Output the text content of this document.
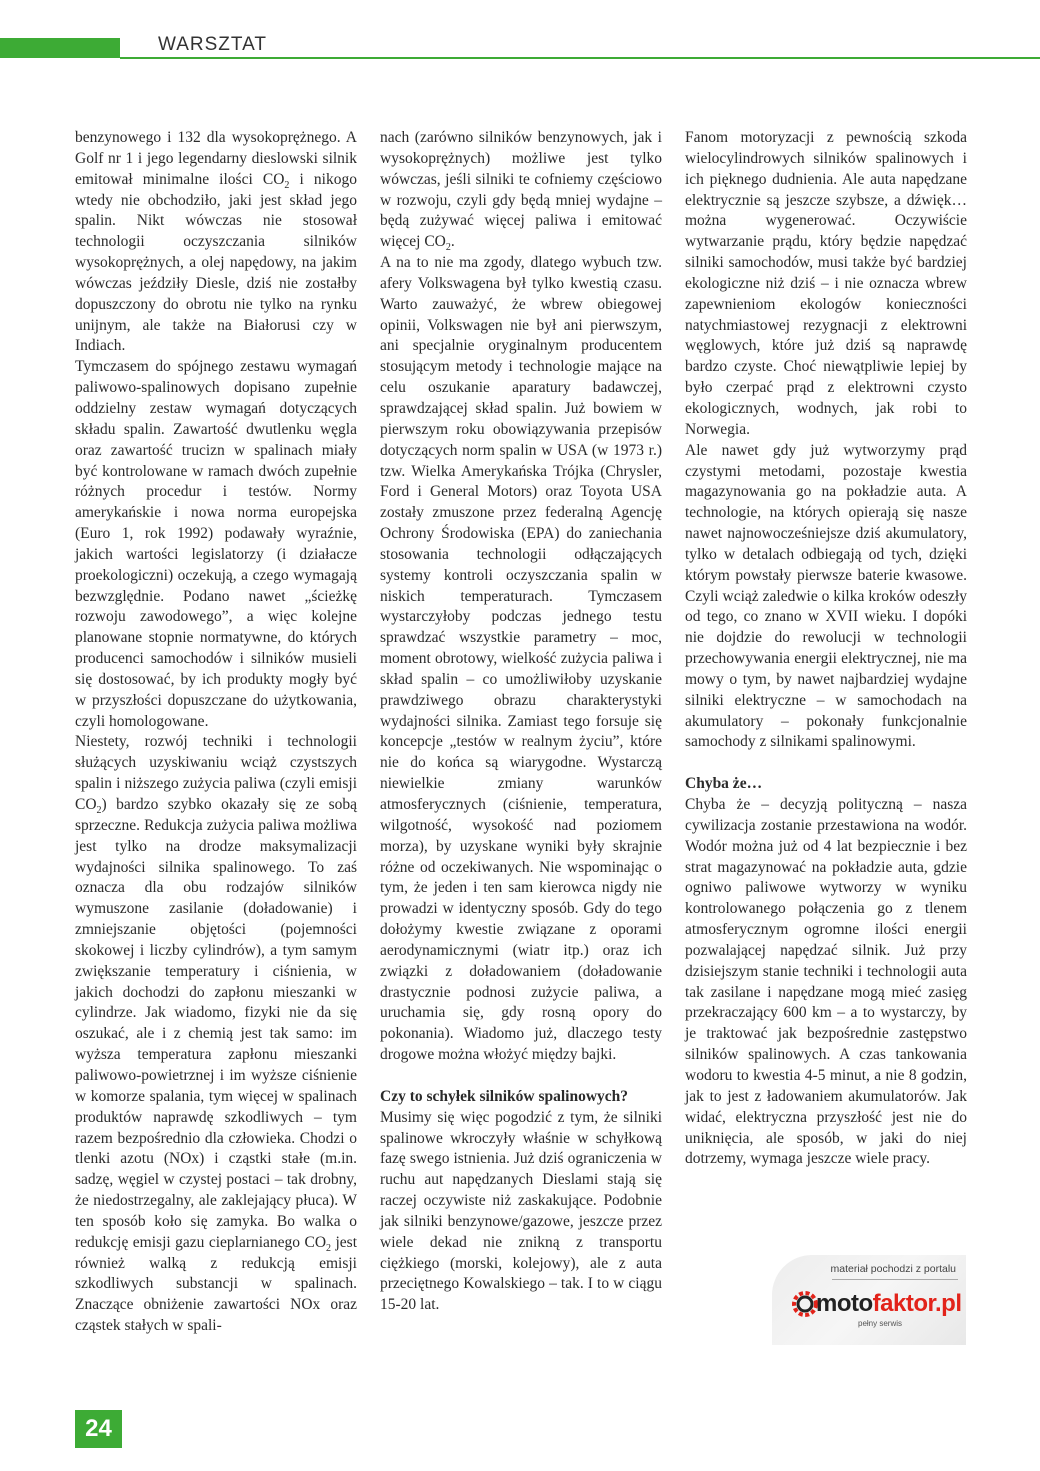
WARSZTAT

benzynowego i 132 dla wysokoprężnego. A Golf nr 1 i jego legendarny dieslowski silnik emitował minimalne ilości $CO_2$ i nikogo wtedy nie obchodziło, jaki jest skład jego spalin. Nikt wówczas nie stosował technologii oczyszczania silników wysokoprężnych, a olej napędowy, na jakim wówczas jeździły Diesle, dziś nie zostałby dopuszczony do obrotu nie tylko na rynku unijnym, ale także na Białorusi czy w Indiach.

Tymczasem do spójnego zestawu wymagań paliwowo-spalinowych dopisano zupełnie oddzielny zestaw wymagań dotyczących składu spalin. Zawartość dwutlenku węgla oraz zawartość trucizn w spalinach miały być kontrolowane w ramach dwóch zupełnie różnych procedur i testów. Normy amerykańskie i nowa norma europejska (Euro 1, rok 1992) podawały wyraźnie, jakich wartości legislatorzy (i działacze proekologiczni) oczekują, a czego wymagają bezwzględnie. Podano nawet „ścieżkę rozwoju zawodowego”, a więc kolejne planowane stopnie normatywne, do których producenci samochodów i silników musieli się dostosować, by ich produkty mogły być w przyszłości dopuszczane do użytkowania, czyli homologowane.

Niestety, rozwój techniki i technologii służących uzyskiwaniu wciąż czystszych spalin i niższego zużycia paliwa (czyli emisji $CO_2$) bardzo szybko okazały się ze sobą sprzeczne. Redukcja zużycia paliwa możliwa jest tylko na drodze maksymalizacji wydajności silnika spalinowego. To zaś oznacza dla obu rodzajów silników wymuszone zasilanie (doładowanie) i zmniejszanie objętości (pojemności skokowej i liczby cylindrów), a tym samym zwiększanie temperatury i ciśnienia, w jakich dochodzi do zapłonu mieszanki w cylindrze. Jak wiadomo, fizyki nie da się oszukać, ale i z chemią jest tak samo: im wyższa temperatura zapłonu mieszanki paliwowo-powietrznej i im wyższe ciśnienie w komorze spalania, tym więcej w spalinach produktów naprawdę szkodliwych – tym razem bezpośrednio dla człowieka. Chodzi o tlenki azotu (NOx) i cząstki stałe (m.in. sadzę, węgiel w czystej postaci – tak drobny, że niedostrzegalny, ale zaklejający płuca). W ten sposób koło się zamyka. Bo walka o redukcję emisji gazu cieplarnianego $CO_2$ jest również walką z redukcją emisji szkodliwych substancji w spalinach. Znaczące obniżenie zawartości NOx oraz cząstek stałych w spali-

nach (zarówno silników benzynowych, jak i wysokoprężnych) możliwe jest tylko wówczas, jeśli silniki te cofniemy częściowo w rozwoju, czyli gdy będą mniej wydajne – będą zużywać więcej paliwa i emitować więcej $CO_2$.

A na to nie ma zgody, dlatego wybuch tzw. afery Volkswagena był tylko kwestią czasu. Warto zauważyć, że wbrew obiegowej opinii, Volkswagen nie był ani pierwszym, ani specjalnie oryginalnym producentem stosującym metody i technologie mające na celu oszukanie aparatury badawczej, sprawdzającej skład spalin. Już bowiem w pierwszym roku obowiązywania przepisów dotyczących norm spalin w USA (w 1973 r.) tzw. Wielka Amerykańska Trójka (Chrysler, Ford i General Motors) oraz Toyota USA zostały zmuszone przez federalną Agencję Ochrony Środowiska (EPA) do zaniechania stosowania technologii odłączających systemy kontroli oczyszczania spalin w niskich temperaturach. Tymczasem wystarczyłoby podczas jednego testu sprawdzać wszystkie parametry – moc, moment obrotowy, wielkość zużycia paliwa i skład spalin – co umożliwiłoby uzyskanie prawdziwego obrazu charakterystyki wydajności silnika. Zamiast tego forsuje się koncepcje „testów w realnym życiu”, które nie do końca są wiarygodne. Wystarczą niewielkie zmiany warunków atmosferycznych (ciśnienie, temperatura, wilgotność, wysokość nad poziomem morza), by uzyskane wyniki były skrajnie różne od oczekiwanych. Nie wspominając o tym, że jeden i ten sam kierowca nigdy nie prowadzi w identyczny sposób. Gdy do tego dołożymy kwestie związane z oporami aerodynamicznymi (wiatr itp.) oraz ich związki z doładowaniem (doładowanie drastycznie podnosi zużycie paliwa, a uruchamia się, gdy rosną opory do pokonania). Wiadomo już, dlaczego testy drogowe można włożyć między bajki.

Czy to schyłek silników spalinowych?

Musimy się więc pogodzić z tym, że silniki spalinowe wkroczyły właśnie w schyłkową fazę swego istnienia. Już dziś ograniczenia w ruchu aut napędzanych Dieslami stają się raczej oczywiste niż zaskakujące. Podobnie jak silniki benzynowe/gazowe, jeszcze przez wiele dekad nie znikną z transportu ciężkiego (morski, kolejowy), ale z auta przeciętnego Kowalskiego – tak. I to w ciągu 15-20 lat.

Fanom motoryzacji z pewnością szkoda wielocylindrowych silników spalinowych i ich pięknego dudnienia. Ale auta napędzane elektrycznie są jeszcze szybsze, a dźwięk… można wygenerować. Oczywiście wytwarzanie prądu, który będzie napędzać silniki samochodów, musi także być bardziej ekologiczne niż dziś – i nie oznacza wbrew zapewnieniom ekologów konieczności natychmiastowej rezygnacji z elektrowni węglowych, które już dziś są naprawdę bardzo czyste. Choć niewątpliwie lepiej by było czerpać prąd z elektrowni czysto ekologicznych, wodnych, jak robi to Norwegia.

Ale nawet gdy już wytworzymy prąd czystymi metodami, pozostaje kwestia magazynowania go na pokładzie auta. A technologie, na których opierają się nasze nawet najnowocześniejsze dziś akumulatory, tylko w detalach odbiegają od tych, dzięki którym powstały pierwsze baterie kwasowe. Czyli wciąż zaledwie o kilka kroków odeszły od tego, co znano w XVII wieku. I dopóki nie dojdzie do rewolucji w technologii przechowywania energii elektrycznej, nie ma mowy o tym, by nawet najbardziej wydajne silniki elektryczne – w samochodach na akumulatory – pokonały funkcjonalnie samochody z silnikami spalinowymi.

Chyba że…

Chyba że – decyzją polityczną – nasza cywilizacja zostanie przestawiona na wodór. Wodór można już od 4 lat bezpiecznie i bez strat magazynować na pokładzie auta, gdzie ogniwo paliwowe wytworzy w wyniku kontrolowanego połączenia go z tlenem atmosferycznym ogromne ilości energii pozwalającej napędzać silnik. Już przy dzisiejszym stanie techniki i technologii auta tak zasilane i napędzane mogą mieć zasięg przekraczający 600 km – a to wystarczy, by je traktować jak bezpośrednie zastępstwo silników spalinowych. A czas tankowania wodoru to kwestia 4-5 minut, a nie 8 godzin, jak to jest z ładowaniem akumulatorów. Jak widać, elektryczna przyszłość jest nie do uniknięcia, ale sposób, w jaki do niej dotrzemy, wymaga jeszcze wiele pracy.

materiał pochodzi z portalu
motofaktor.pl
pełny serwis
24
